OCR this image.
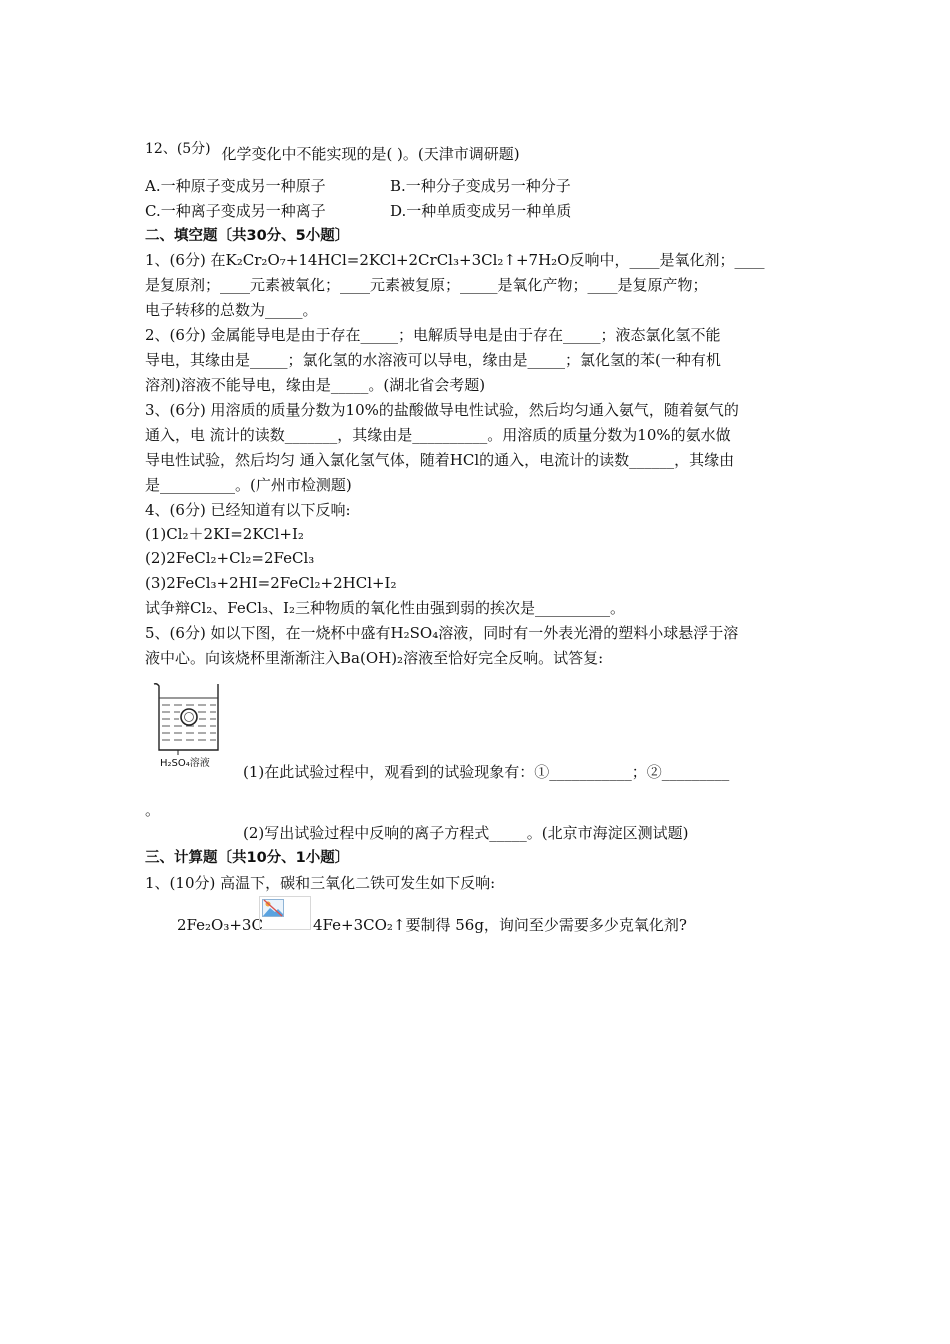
12、(5分) 化学变化中不能实现的是( )。(天津市调研题)
A.一种原子变成另一种原子	B.一种分子变成另一种分子
C.一种离子变成另一种离子	D.一种单质变成另一种单质
二、填空题〔共30分、5小题〕
1、(6分) 在K₂Cr₂O₇+14HCl=2KCl+2CrCl₃+3Cl₂↑+7H₂O反响中，____是氧化剂；____
是复原剂；____元素被氧化；____元素被复原；_____是氧化产物；____是复原产物；
电子转移的总数为_____。
2、(6分) 金属能导电是由于存在_____；电解质导电是由于存在_____；液态氯化氢不能
导电，其缘由是_____；氯化氢的水溶液可以导电，缘由是_____；氯化氢的苯(一种有机
溶剂)溶液不能导电，缘由是_____。(湖北省会考题)
3、(6分) 用溶质的质量分数为10%的盐酸做导电性试验，然后均匀通入氨气，随着氨气的
通入，电 流计的读数_______，其缘由是__________。用溶质的质量分数为10%的氨水做
导电性试验，然后均匀 通入氯化氢气体，随着HCl的通入，电流计的读数______，其缘由
是__________。(广州市检测题)
4、(6分) 已经知道有以下反响:
(1)Cl₂＋2KI=2KCl+I₂
(2)2FeCl₂+Cl₂=2FeCl₃
(3)2FeCl₃+2HI=2FeCl₂+2HCl+I₂
试争辩Cl₂、FeCl₃、I₂三种物质的氧化性由强到弱的挨次是__________。
5、(6分) 如以下图，在一烧杯中盛有H₂SO₄溶液，同时有一外表光滑的塑料小球悬浮于溶
液中心。向该烧杯里渐渐注入Ba(OH)₂溶液至恰好完全反响。试答复:
H₂SO₄溶液 (1)在此试验过程中，观看到的试验现象有：①___________；②_________
。
(2)写出试验过程中反响的离子方程式_____。(北京市海淀区测试题)
三、计算题〔共10分、1小题〕
1、(10分) 高温下，碳和三氧化二铁可发生如下反响:
2Fe₂O₃+3C	4Fe+3CO₂↑要制得 56g，询问至少需要多少克氧化剂?
